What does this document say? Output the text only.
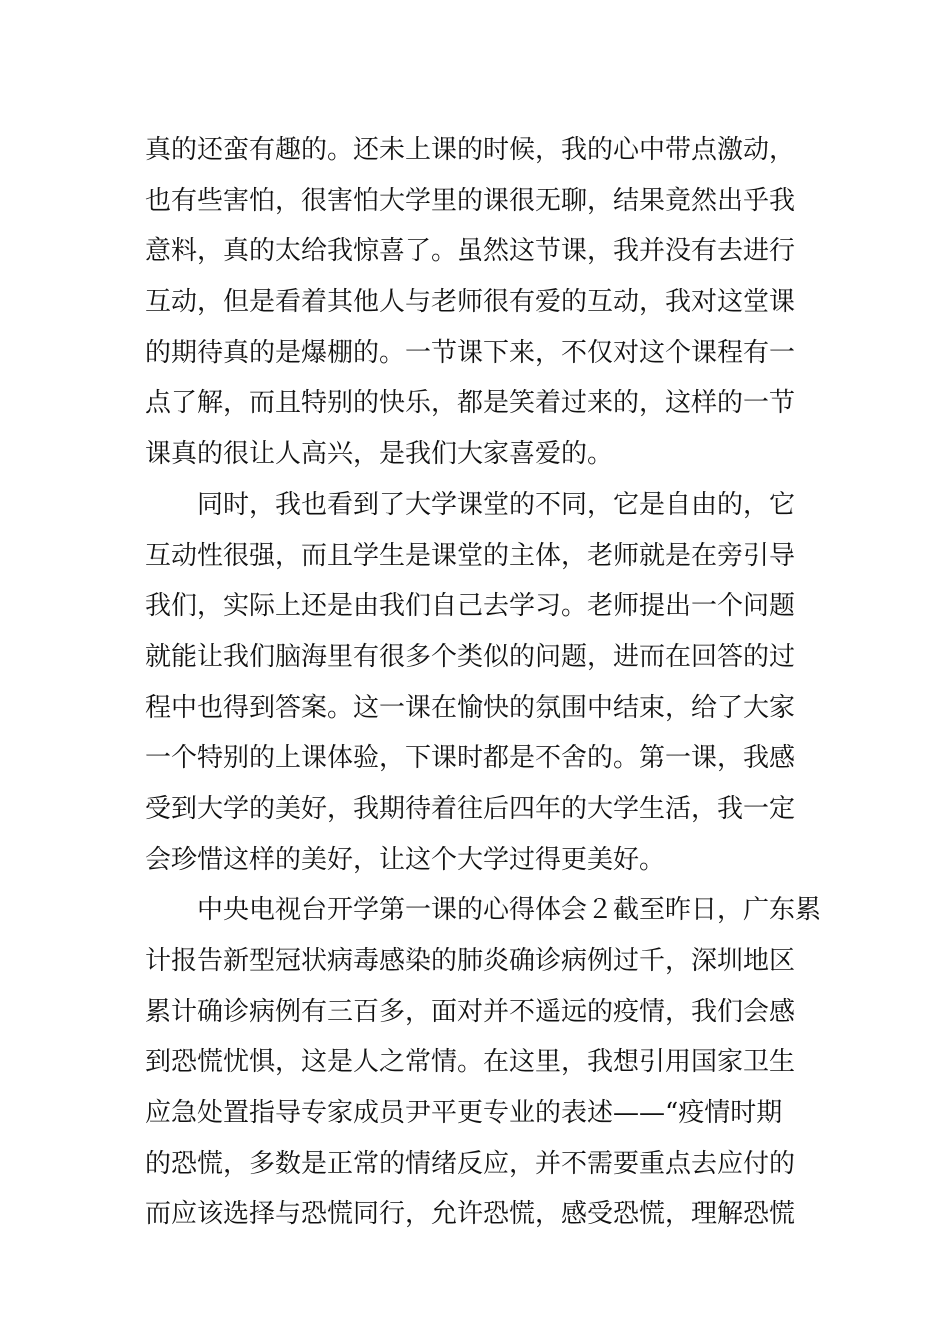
真的还蛮有趣的。还未上课的时候，我的心中带点激动，

也有些害怕，很害怕大学里的课很无聊，结果竟然出乎我

意料，真的太给我惊喜了。虽然这节课，我并没有去进行

互动，但是看着其他人与老师很有爱的互动，我对这堂课

的期待真的是爆棚的。一节课下来，不仅对这个课程有一

点了解，而且特别的快乐，都是笑着过来的，这样的一节

课真的很让人高兴，是我们大家喜爱的。

同时，我也看到了大学课堂的不同，它是自由的，它

互动性很强，而且学生是课堂的主体，老师就是在旁引导

我们，实际上还是由我们自己去学习。老师提出一个问题

就能让我们脑海里有很多个类似的问题，进而在回答的过

程中也得到答案。这一课在愉快的氛围中结束，给了大家

一个特别的上课体验，下课时都是不舍的。第一课，我感

受到大学的美好，我期待着往后四年的大学生活，我一定

会珍惜这样的美好，让这个大学过得更美好。

中央电视台开学第一课的心得体会２截至昨日，广东累

计报告新型冠状病毒感染的肺炎确诊病例过千，深圳地区

累计确诊病例有三百多，面对并不遥远的疫情，我们会感

到恐慌忧惧，这是人之常情。在这里，我想引用国家卫生

应急处置指导专家成员尹平更专业的表述——“疫情时期

的恐慌，多数是正常的情绪反应，并不需要重点去应付的

而应该选择与恐慌同行，允许恐慌，感受恐慌，理解恐慌
